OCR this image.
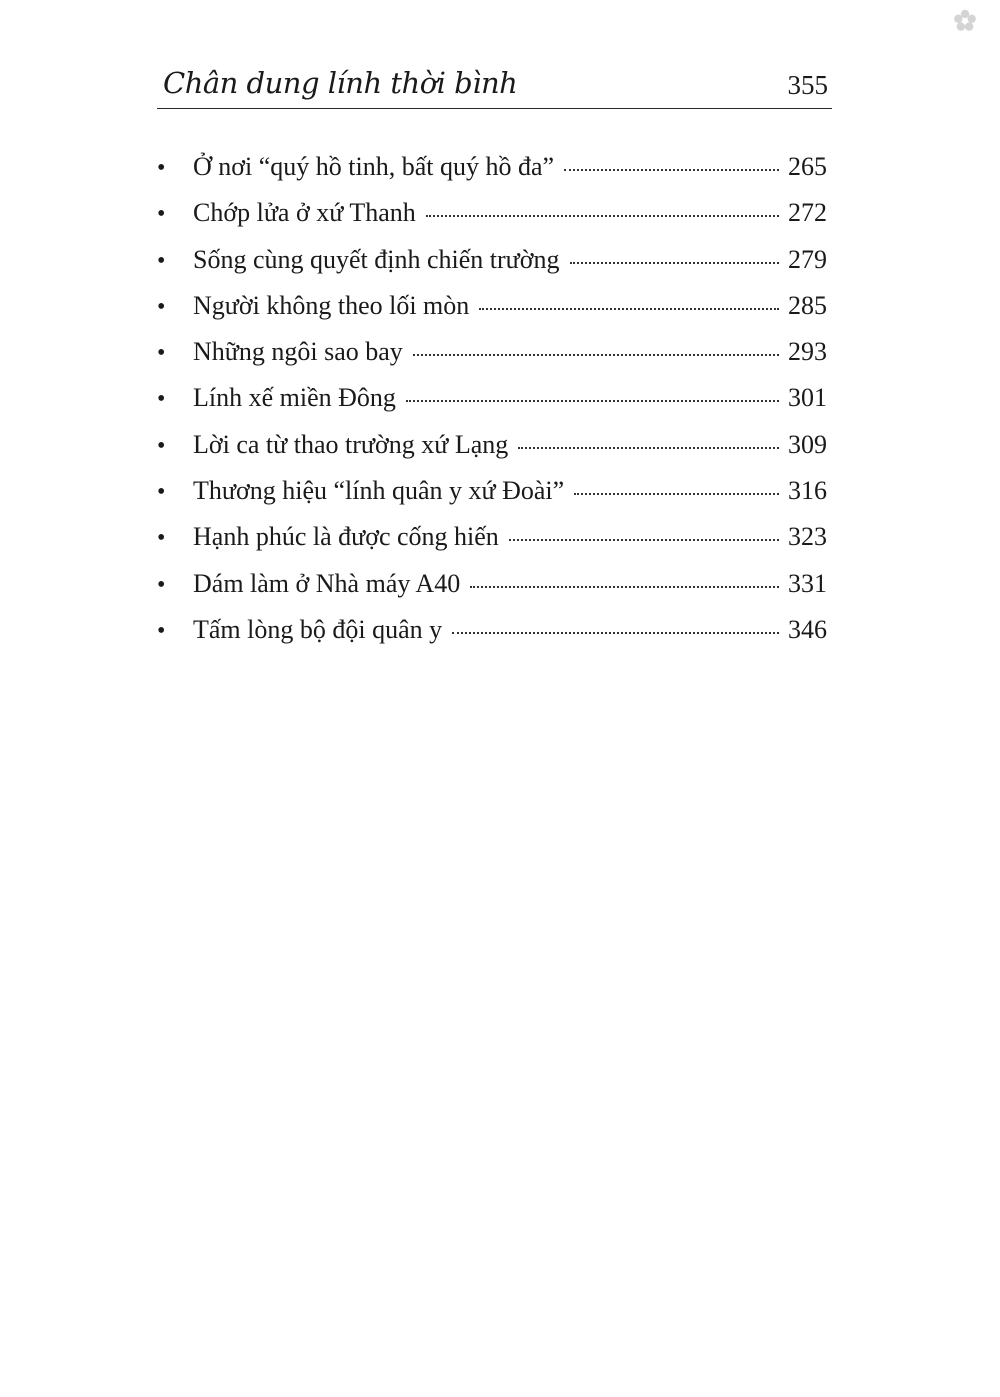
Chân dung lính thời bình	355
•	Ở nơi “quý hồ tinh, bất quý hồ đa”	265
•	Chớp lửa ở xứ Thanh	272
•	Sống cùng quyết định chiến trường	279
•	Người không theo lối mòn	285
•	Những ngôi sao bay	293
•	Lính xế miền Đông	301
•	Lời ca từ thao trường xứ Lạng	309
•	Thương hiệu “lính quân y xứ Đoài”	316
•	Hạnh phúc là được cống hiến	323
•	Dám làm ở Nhà máy A40	331
•	Tấm lòng bộ đội quân y	346
